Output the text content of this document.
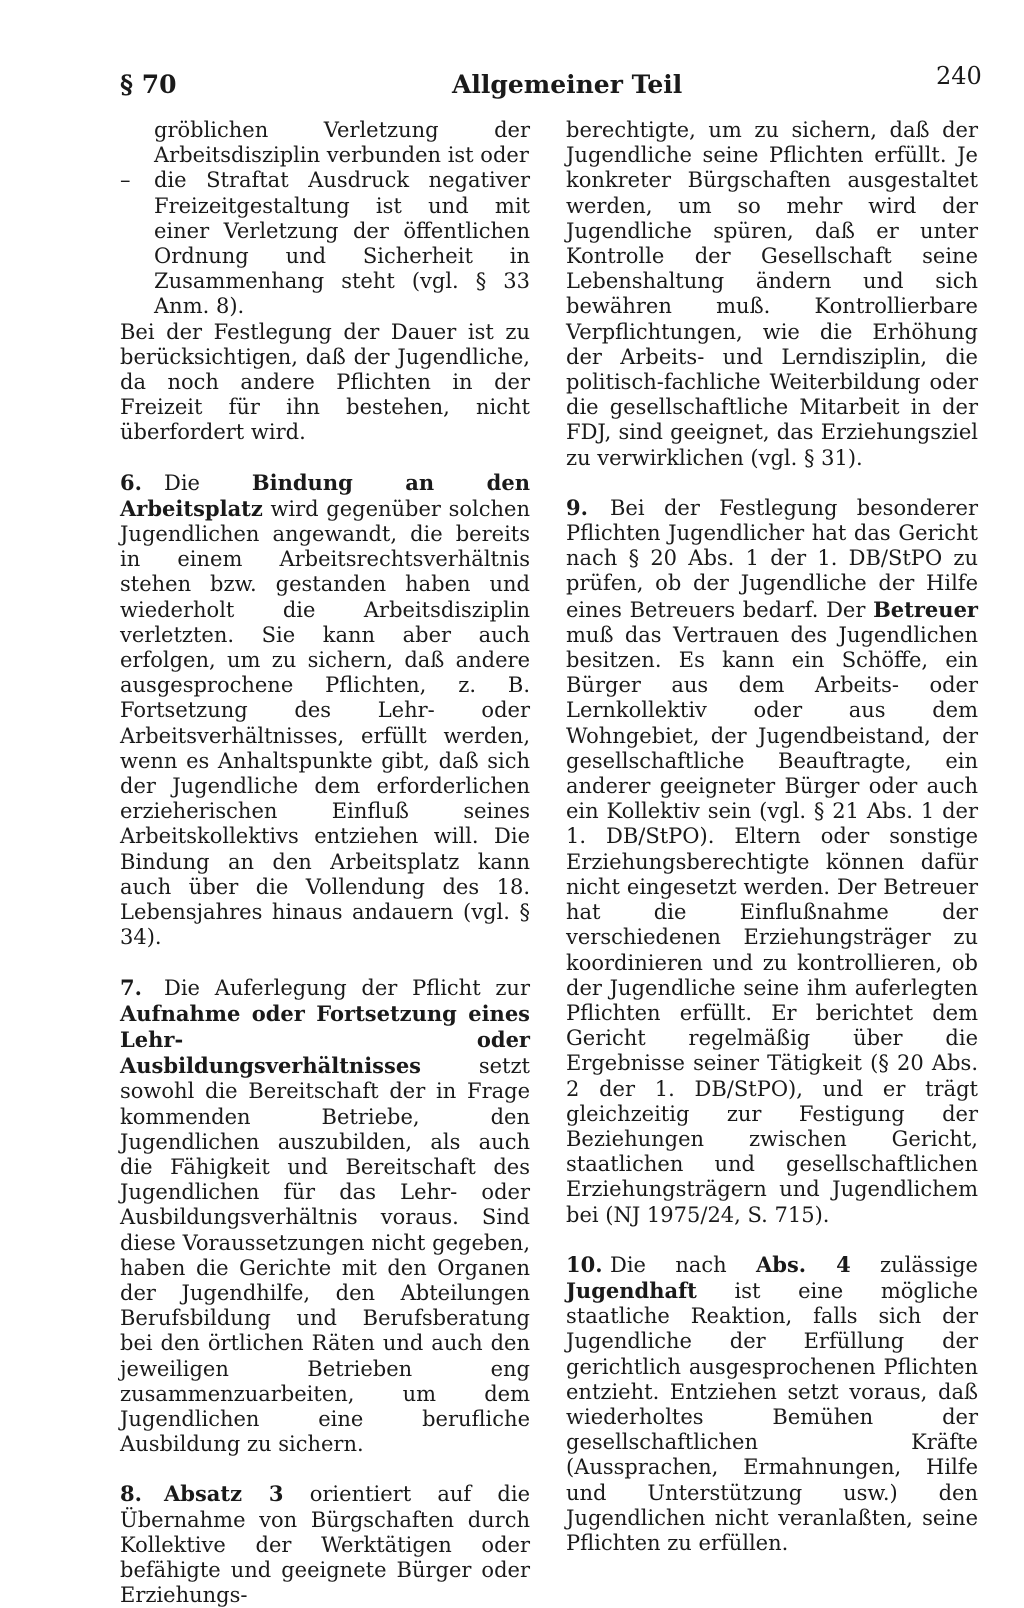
§ 70	Allgemeiner Teil	240

gröblichen Verletzung der Arbeitsdisziplin verbunden ist oder

– die Straftat Ausdruck negativer Freizeitgestaltung ist und mit einer Verletzung der öffentlichen Ordnung und Sicherheit in Zusammenhang steht (vgl. § 33 Anm. 8).

Bei der Festlegung der Dauer ist zu berücksichtigen, daß der Jugendliche, da noch andere Pflichten in der Freizeit für ihn bestehen, nicht überfordert wird.

6. Die Bindung an den Arbeitsplatz wird gegenüber solchen Jugendlichen angewandt, die bereits in einem Arbeitsrechtsverhältnis stehen bzw. gestanden haben und wiederholt die Arbeitsdisziplin verletzten. Sie kann aber auch erfolgen, um zu sichern, daß andere ausgesprochene Pflichten, z. B. Fortsetzung des Lehr- oder Arbeitsverhältnisses, erfüllt werden, wenn es Anhaltspunkte gibt, daß sich der Jugendliche dem erforderlichen erzieherischen Einfluß seines Arbeitskollektivs entziehen will. Die Bindung an den Arbeitsplatz kann auch über die Vollendung des 18. Lebensjahres hinaus andauern (vgl. § 34).

7. Die Auferlegung der Pflicht zur Aufnahme oder Fortsetzung eines Lehr- oder Ausbildungsverhältnisses setzt sowohl die Bereitschaft der in Frage kommenden Betriebe, den Jugendlichen auszubilden, als auch die Fähigkeit und Bereitschaft des Jugendlichen für das Lehr- oder Ausbildungsverhältnis voraus. Sind diese Voraussetzungen nicht gegeben, haben die Gerichte mit den Organen der Jugendhilfe, den Abteilungen Berufsbildung und Berufsberatung bei den örtlichen Räten und auch den jeweiligen Betrieben eng zusammenzuarbeiten, um dem Jugendlichen eine berufliche Ausbildung zu sichern.

8. Absatz 3 orientiert auf die Übernahme von Bürgschaften durch Kollektive der Werktätigen oder befähigte und geeignete Bürger oder Erziehungs-

berechtigte, um zu sichern, daß der Jugendliche seine Pflichten erfüllt. Je konkreter Bürgschaften ausgestaltet werden, um so mehr wird der Jugendliche spüren, daß er unter Kontrolle der Gesellschaft seine Lebenshaltung ändern und sich bewähren muß. Kontrollierbare Verpflichtungen, wie die Erhöhung der Arbeits- und Lerndisziplin, die politisch-fachliche Weiterbildung oder die gesellschaftliche Mitarbeit in der FDJ, sind geeignet, das Erziehungsziel zu verwirklichen (vgl. § 31).

9. Bei der Festlegung besonderer Pflichten Jugendlicher hat das Gericht nach § 20 Abs. 1 der 1. DB/StPO zu prüfen, ob der Jugendliche der Hilfe eines Betreuers bedarf. Der Betreuer muß das Vertrauen des Jugendlichen besitzen. Es kann ein Schöffe, ein Bürger aus dem Arbeits- oder Lernkollektiv oder aus dem Wohngebiet, der Jugendbeistand, der gesellschaftliche Beauftragte, ein anderer geeigneter Bürger oder auch ein Kollektiv sein (vgl. § 21 Abs. 1 der 1. DB/StPO). Eltern oder sonstige Erziehungsberechtigte können dafür nicht eingesetzt werden. Der Betreuer hat die Einflußnahme der verschiedenen Erziehungsträger zu koordinieren und zu kontrollieren, ob der Jugendliche seine ihm auferlegten Pflichten erfüllt. Er berichtet dem Gericht regelmäßig über die Ergebnisse seiner Tätigkeit (§ 20 Abs. 2 der 1. DB/StPO), und er trägt gleichzeitig zur Festigung der Beziehungen zwischen Gericht, staatlichen und gesellschaftlichen Erziehungsträgern und Jugendlichem bei (NJ 1975/24, S. 715).

10. Die nach Abs. 4 zulässige Jugendhaft ist eine mögliche staatliche Reaktion, falls sich der Jugendliche der Erfüllung der gerichtlich ausgesprochenen Pflichten entzieht. Entziehen setzt voraus, daß wiederholtes Bemühen der gesellschaftlichen Kräfte (Aussprachen, Ermahnungen, Hilfe und Unterstützung usw.) den Jugendlichen nicht veranlaßten, seine Pflichten zu erfüllen.
